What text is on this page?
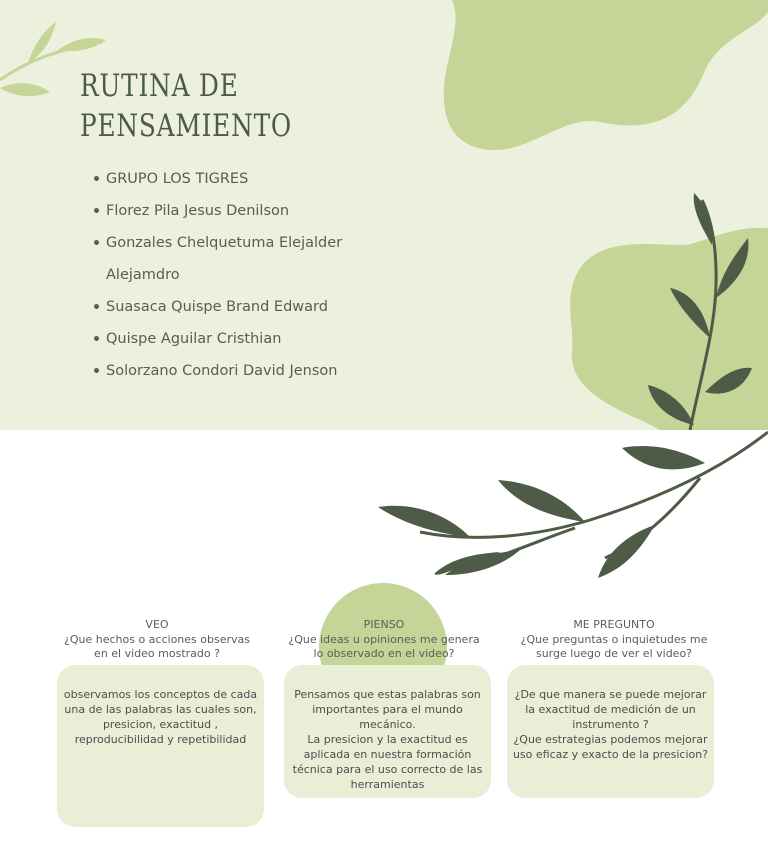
RUTINA DE
PENSAMIENTO
GRUPO LOS TIGRES
Florez Pila Jesus Denilson
Gonzales Chelquetuma Elejalder Alejamdro
Suasaca Quispe Brand Edward
Quispe Aguilar Cristhian
Solorzano Condori David Jenson
VEO
¿Que hechos o acciones observas en el video mostrado ?
PIENSO
¿Que ideas u opiniones me genera lo observado en el video?
ME PREGUNTO
¿Que preguntas o inquietudes me surge luego de ver el video?

observamos los conceptos de cada una de las palabras las cuales son, presicion, exactitud , reproducibilidad y repetibilidad

Pensamos que estas palabras son importantes para el mundo mecánico.
La presicion y la exactitud es aplicada en nuestra formación técnica para el uso correcto de las herramientas

¿De que manera se puede mejorar la exactitud de medición de un instrumento ?
¿Que estrategias podemos mejorar uso eficaz y exacto de la presicion?
